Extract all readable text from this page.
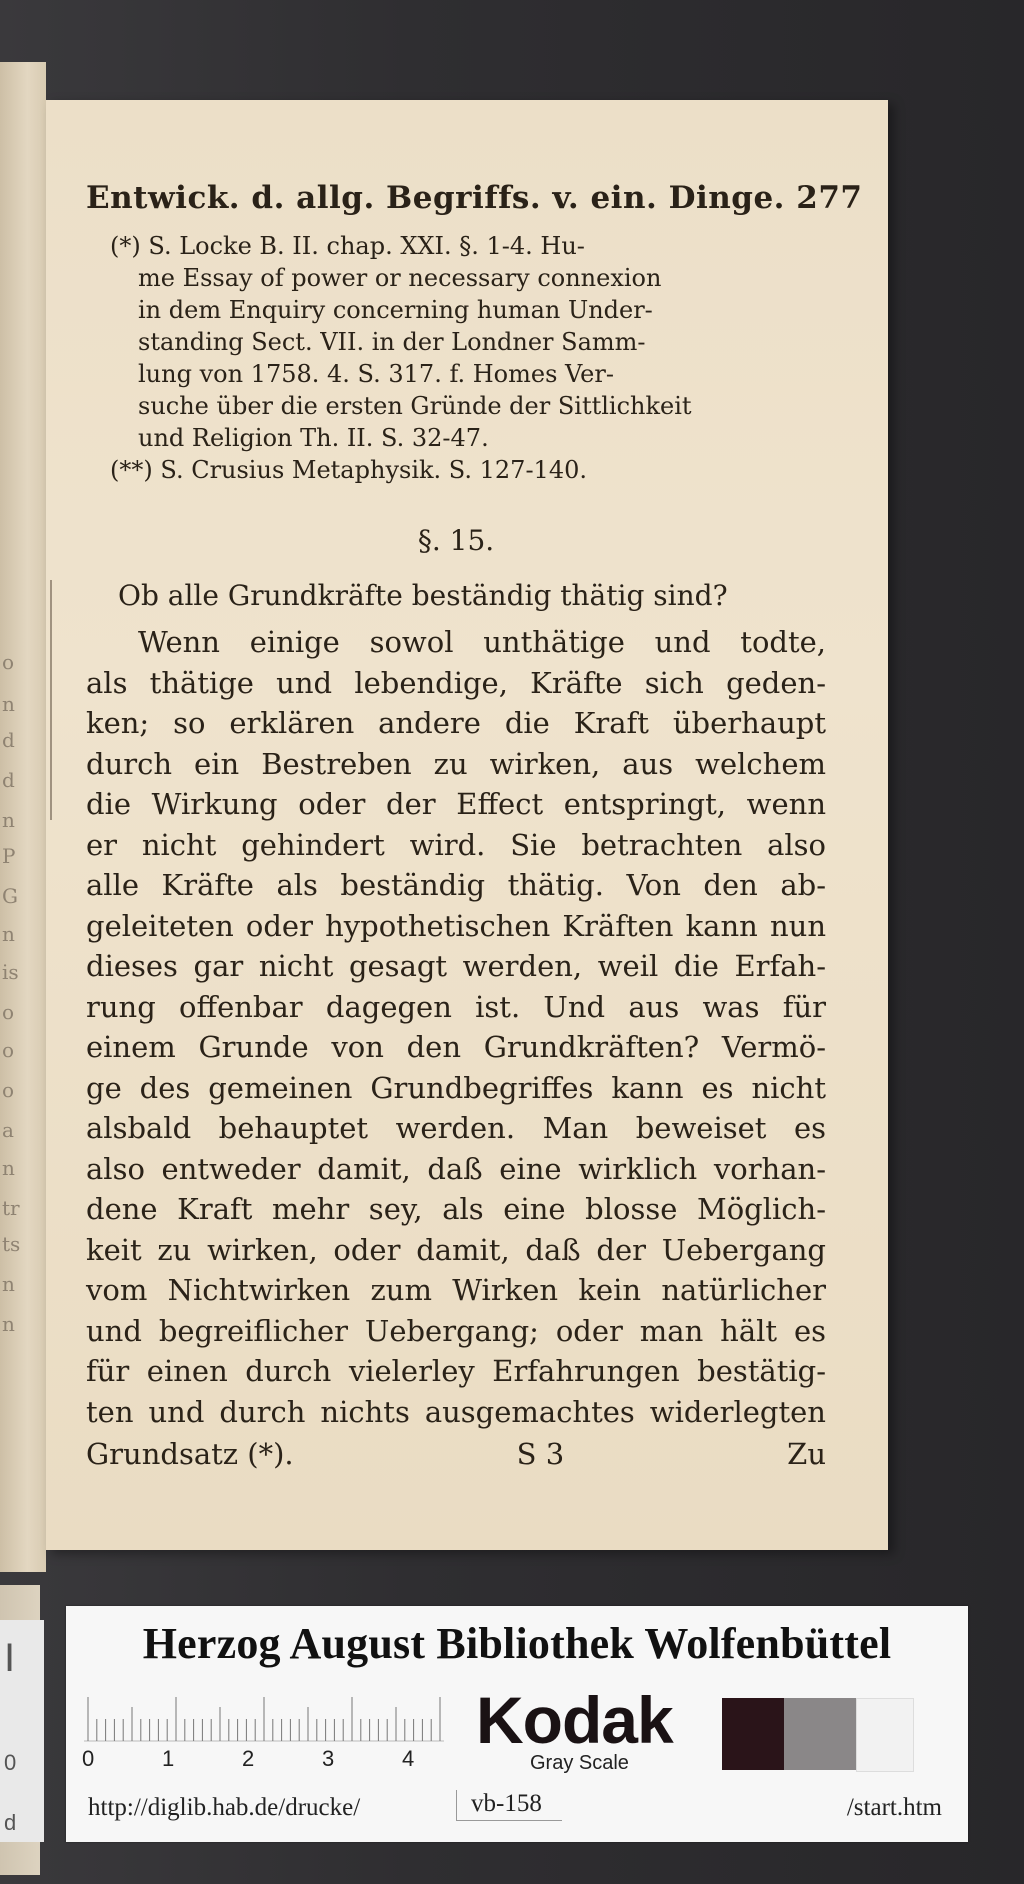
o
n
d
d
n
P
G
n
is
o
o
o
a
n
tr
ts
n
n
Entwick. d. allg. Begriffs. v. ein. Dinge. 277

(*) S. Locke B. II. chap. XXI. §. 1-4. Hu-

me Essay of power or necessary connexion

in dem Enquiry concerning human Under-

standing Sect. VII. in der Londner Samm-

lung von 1758. 4. S. 317. f. Homes Ver-

suche über die ersten Gründe der Sittlichkeit

und Religion Th. II. S. 32-47.

(**) S. Crusius Metaphysik. S. 127-140.

§. 15.
Ob alle Grundkräfte beständig thätig sind?

Wenn einige sowol unthätige und todte,

als thätige und lebendige, Kräfte sich geden-

ken; so erklären andere die Kraft überhaupt

durch ein Bestreben zu wirken, aus welchem

die Wirkung oder der Effect entspringt, wenn

er nicht gehindert wird. Sie betrachten also

alle Kräfte als beständig thätig. Von den ab-

geleiteten oder hypothetischen Kräften kann nun

dieses gar nicht gesagt werden, weil die Erfah-

rung offenbar dagegen ist. Und aus was für

einem Grunde von den Grundkräften? Vermö-

ge des gemeinen Grundbegriffes kann es nicht

alsbald behauptet werden. Man beweiset es

also entweder damit, daß eine wirklich vorhan-

dene Kraft mehr sey, als eine blosse Möglich-

keit zu wirken, oder damit, daß der Uebergang

vom Nichtwirken zum Wirken kein natürlicher

und begreiflicher Uebergang; oder man hält es

für einen durch vielerley Erfahrungen bestätig-

ten und durch nichts ausgemachtes widerlegten

Grundsatz (*).	S 3	Zu
I
0
d
Herzog August Bibliothek Wolfenbüttel
0	1	2	3	4
Kodak
Gray Scale
http://diglib.hab.de/drucke/	vb-158	/start.htm
